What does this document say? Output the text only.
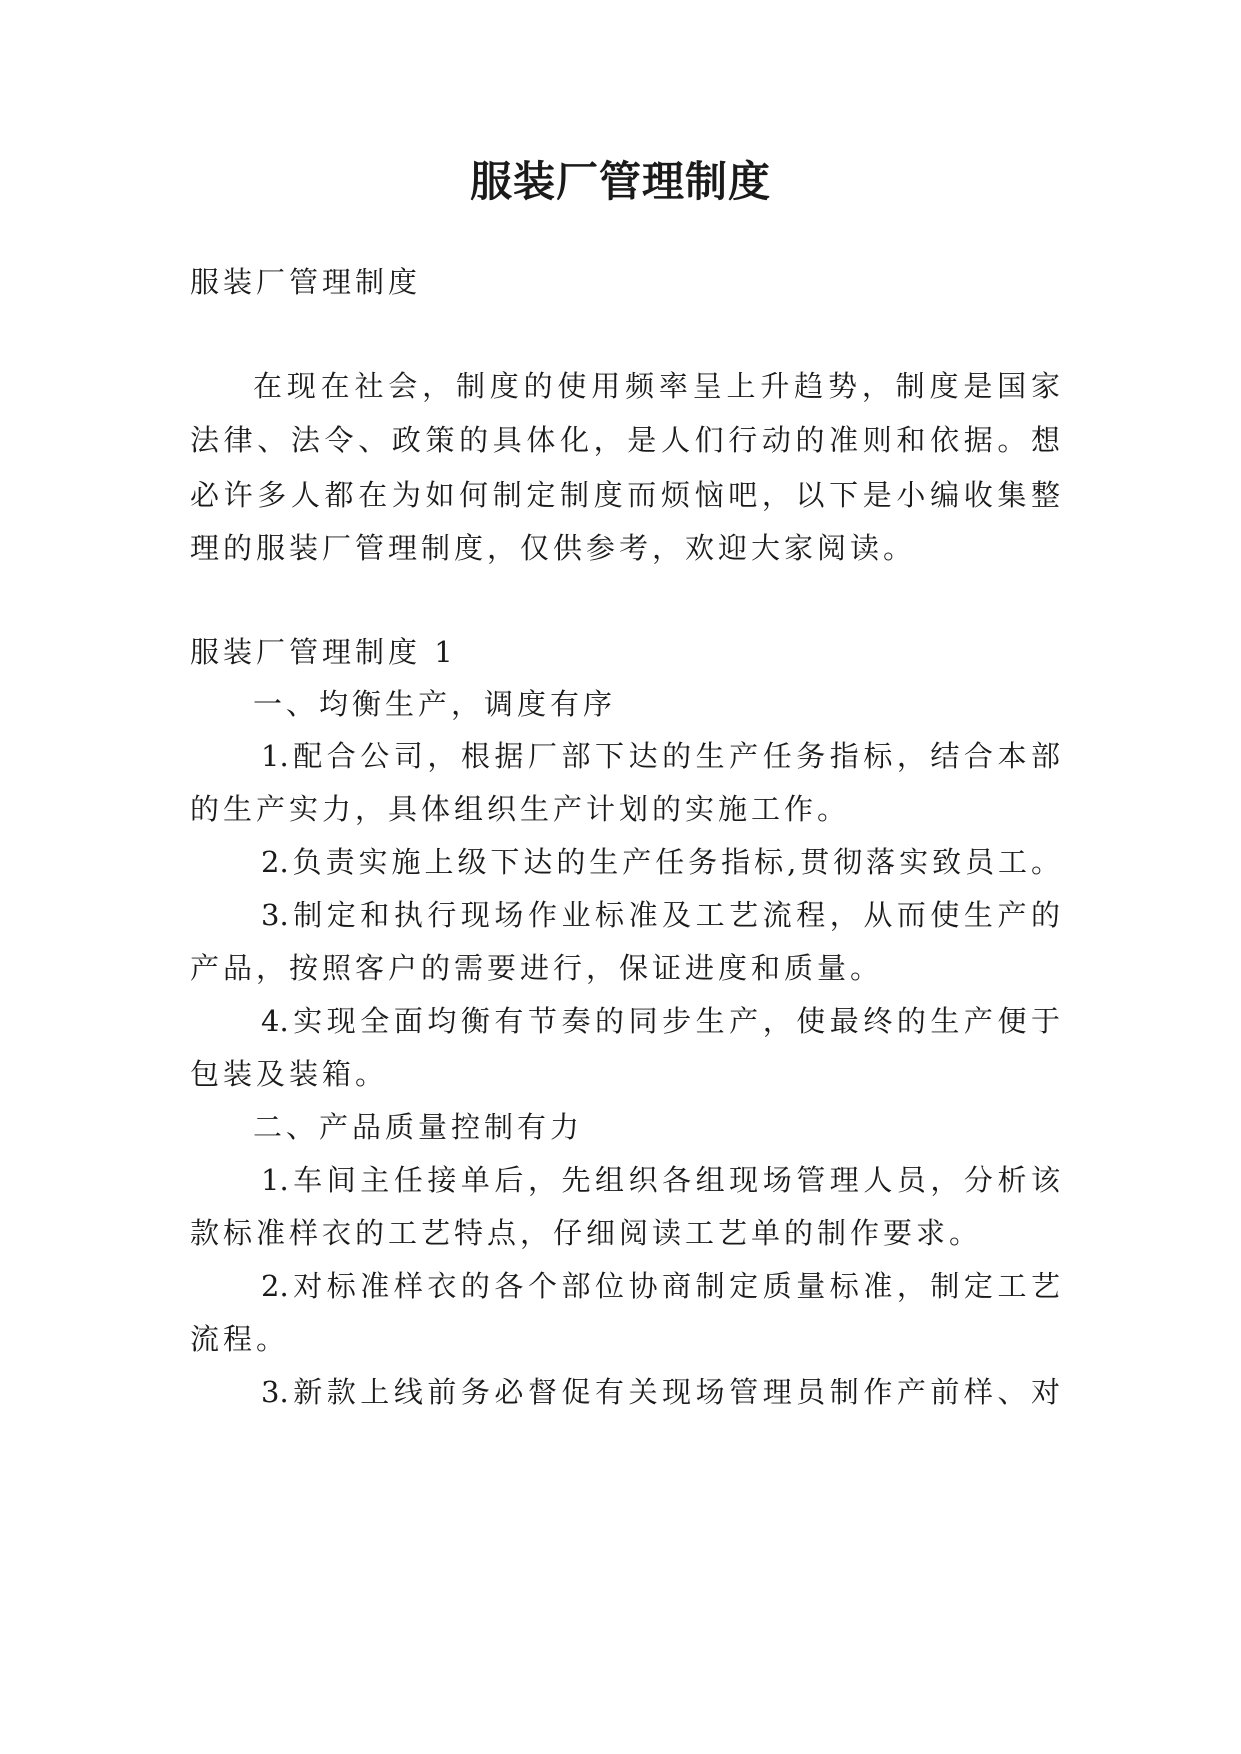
服装厂管理制度

服装厂管理制度

在现在社会，制度的使用频率呈上升趋势，制度是国家

法律、法令、政策的具体化，是人们行动的准则和依据。想

必许多人都在为如何制定制度而烦恼吧，以下是小编收集整

理的服装厂管理制度，仅供参考，欢迎大家阅读。

服装厂管理制度 1

一、均衡生产，调度有序

1.配合公司，根据厂部下达的生产任务指标，结合本部

的生产实力，具体组织生产计划的实施工作。

2.负责实施上级下达的生产任务指标,贯彻落实致员工。

3.制定和执行现场作业标准及工艺流程，从而使生产的

产品，按照客户的需要进行，保证进度和质量。

4.实现全面均衡有节奏的同步生产，使最终的生产便于

包装及装箱。

二、产品质量控制有力

1.车间主任接单后，先组织各组现场管理人员，分析该

款标准样衣的工艺特点，仔细阅读工艺单的制作要求。

2.对标准样衣的各个部位协商制定质量标准，制定工艺

流程。

3.新款上线前务必督促有关现场管理员制作产前样、对
